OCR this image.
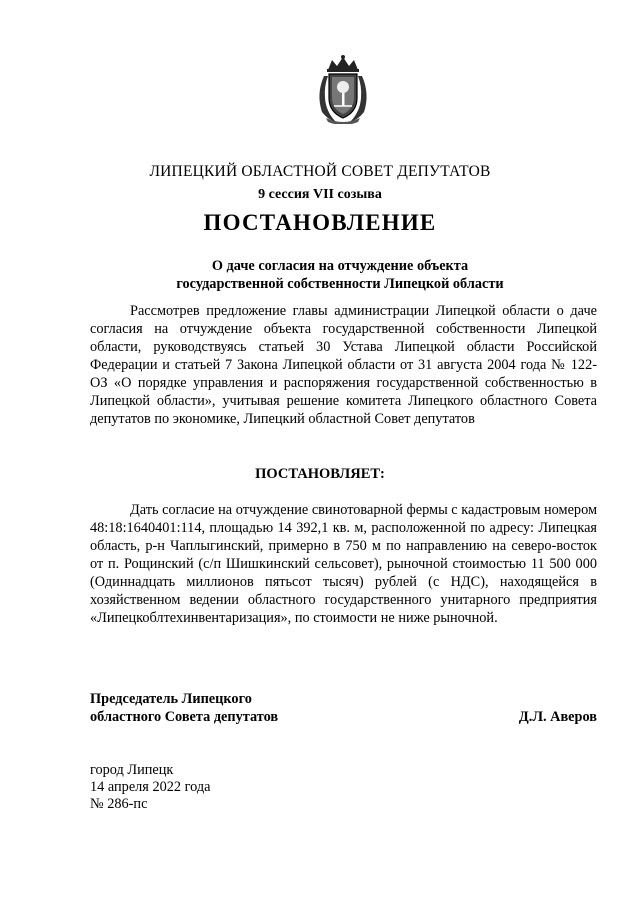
ЛИПЕЦКИЙ ОБЛАСТНОЙ СОВЕТ ДЕПУТАТОВ
9 сессия VII созыва
ПОСТАНОВЛЕНИЕ
О даче согласия на отчуждение объекта
государственной собственности Липецкой области
Рассмотрев предложение главы администрации Липецкой области о даче согласия на отчуждение объекта государственной собственности Липецкой области, руководствуясь статьей 30 Устава Липецкой области Российской Федерации и статьей 7 Закона Липецкой области от 31 августа 2004 года № 122-ОЗ «О порядке управления и распоряжения государственной собственностью в Липецкой области», учитывая решение комитета Липецкого областного Совета депутатов по экономике, Липецкий областной Совет депутатов
ПОСТАНОВЛЯЕТ:
Дать согласие на отчуждение свинотоварной фермы с кадастровым номером 48:18:1640401:114, площадью 14 392,1 кв. м, расположенной по адресу: Липецкая область, р-н Чаплыгинский, примерно в 750 м по направлению на северо-восток от п. Рощинский (с/п Шишкинский сельсовет), рыночной стоимостью 11 500 000 (Одиннадцать миллионов пятьсот тысяч) рублей (с НДС), находящейся в хозяйственном ведении областного государственного унитарного предприятия «Липецкоблтехинвентаризация», по стоимости не ниже рыночной.
Председатель Липецкого
областного Совета депутатов	Д.Л. Аверов
город Липецк
14 апреля 2022 года
№ 286-пс
